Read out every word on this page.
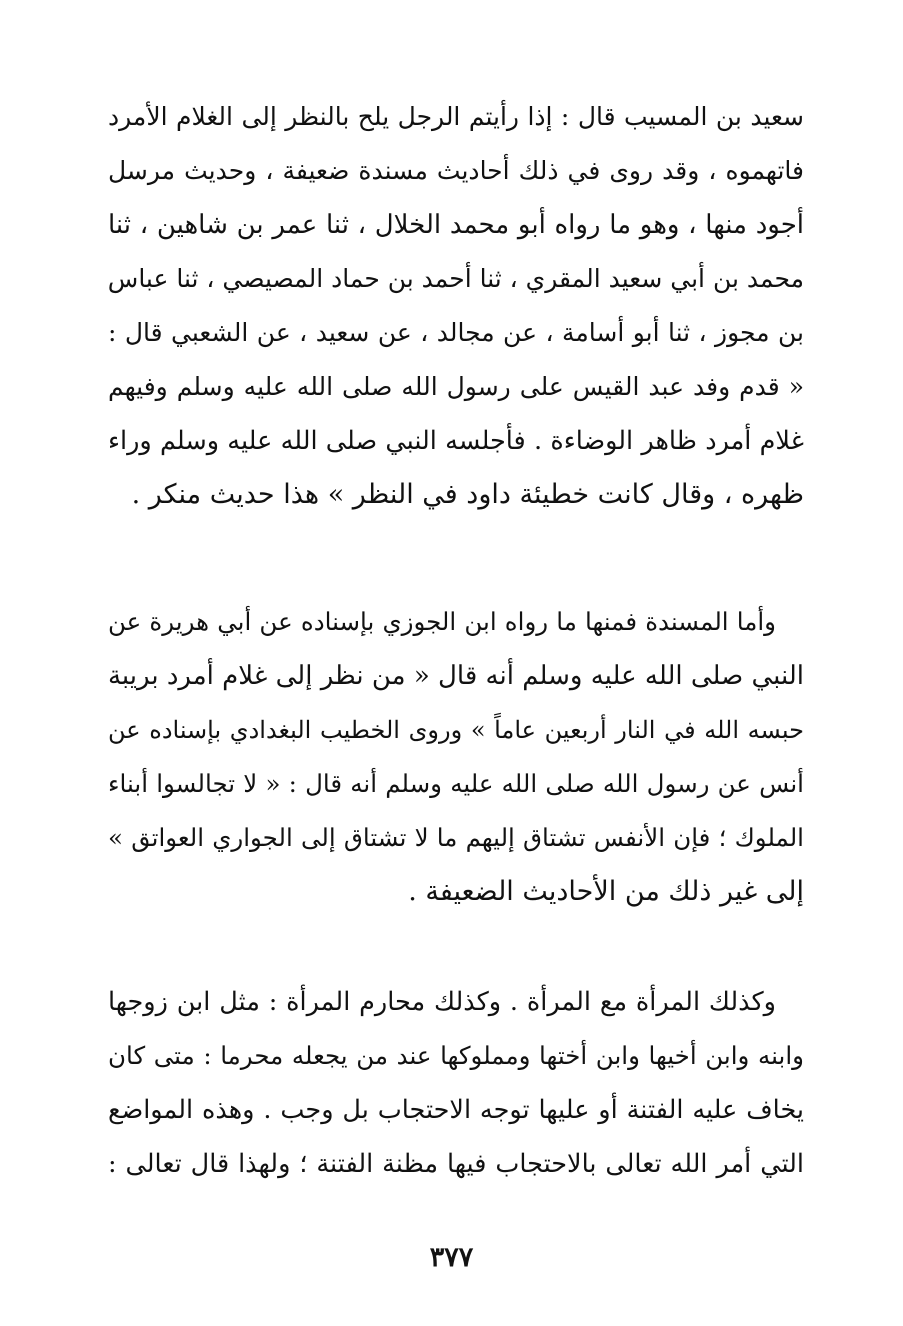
سعيد بن المسيب قال : إذا رأيتم الرجل يلح بالنظر إلى الغلام الأمرد
فاتهموه ، وقد روى في ذلك أحاديث مسندة ضعيفة ، وحديث مرسل
أجود منها ، وهو ما رواه أبو محمد الخلال ، ثنا عمر بن شاهين ، ثنا
محمد بن أبي سعيد المقري ، ثنا أحمد بن حماد المصيصي ، ثنا عباس
بن مجوز ، ثنا أبو أسامة ، عن مجالد ، عن سعيد ، عن الشعبي قال :
« قدم وفد عبد القيس على رسول الله صلى الله عليه وسلم وفيهم
غلام أمرد ظاهر الوضاءة . فأجلسه النبي صلى الله عليه وسلم وراء
ظهره ، وقال كانت خطيئة داود في النظر » هذا حديث منكر .
وأما المسندة فمنها ما رواه ابن الجوزي بإسناده عن أبي هريرة عن
النبي صلى الله عليه وسلم أنه قال « من نظر إلى غلام أمرد بريبة
حبسه الله في النار أربعين عاماً » وروى الخطيب البغدادي بإسناده عن
أنس عن رسول الله صلى الله عليه وسلم أنه قال : « لا تجالسوا أبناء
الملوك ؛ فإن الأنفس تشتاق إليهم ما لا تشتاق إلى الجواري العواتق »
إلى غير ذلك من الأحاديث الضعيفة .
وكذلك المرأة مع المرأة . وكذلك محارم المرأة : مثل ابن زوجها
وابنه وابن أخيها وابن أختها ومملوكها عند من يجعله محرما : متى كان
يخاف عليه الفتنة أو عليها توجه الاحتجاب بل وجب . وهذه المواضع
التي أمر الله تعالى بالاحتجاب فيها مظنة الفتنة ؛ ولهذا قال تعالى :
٣٧٧
